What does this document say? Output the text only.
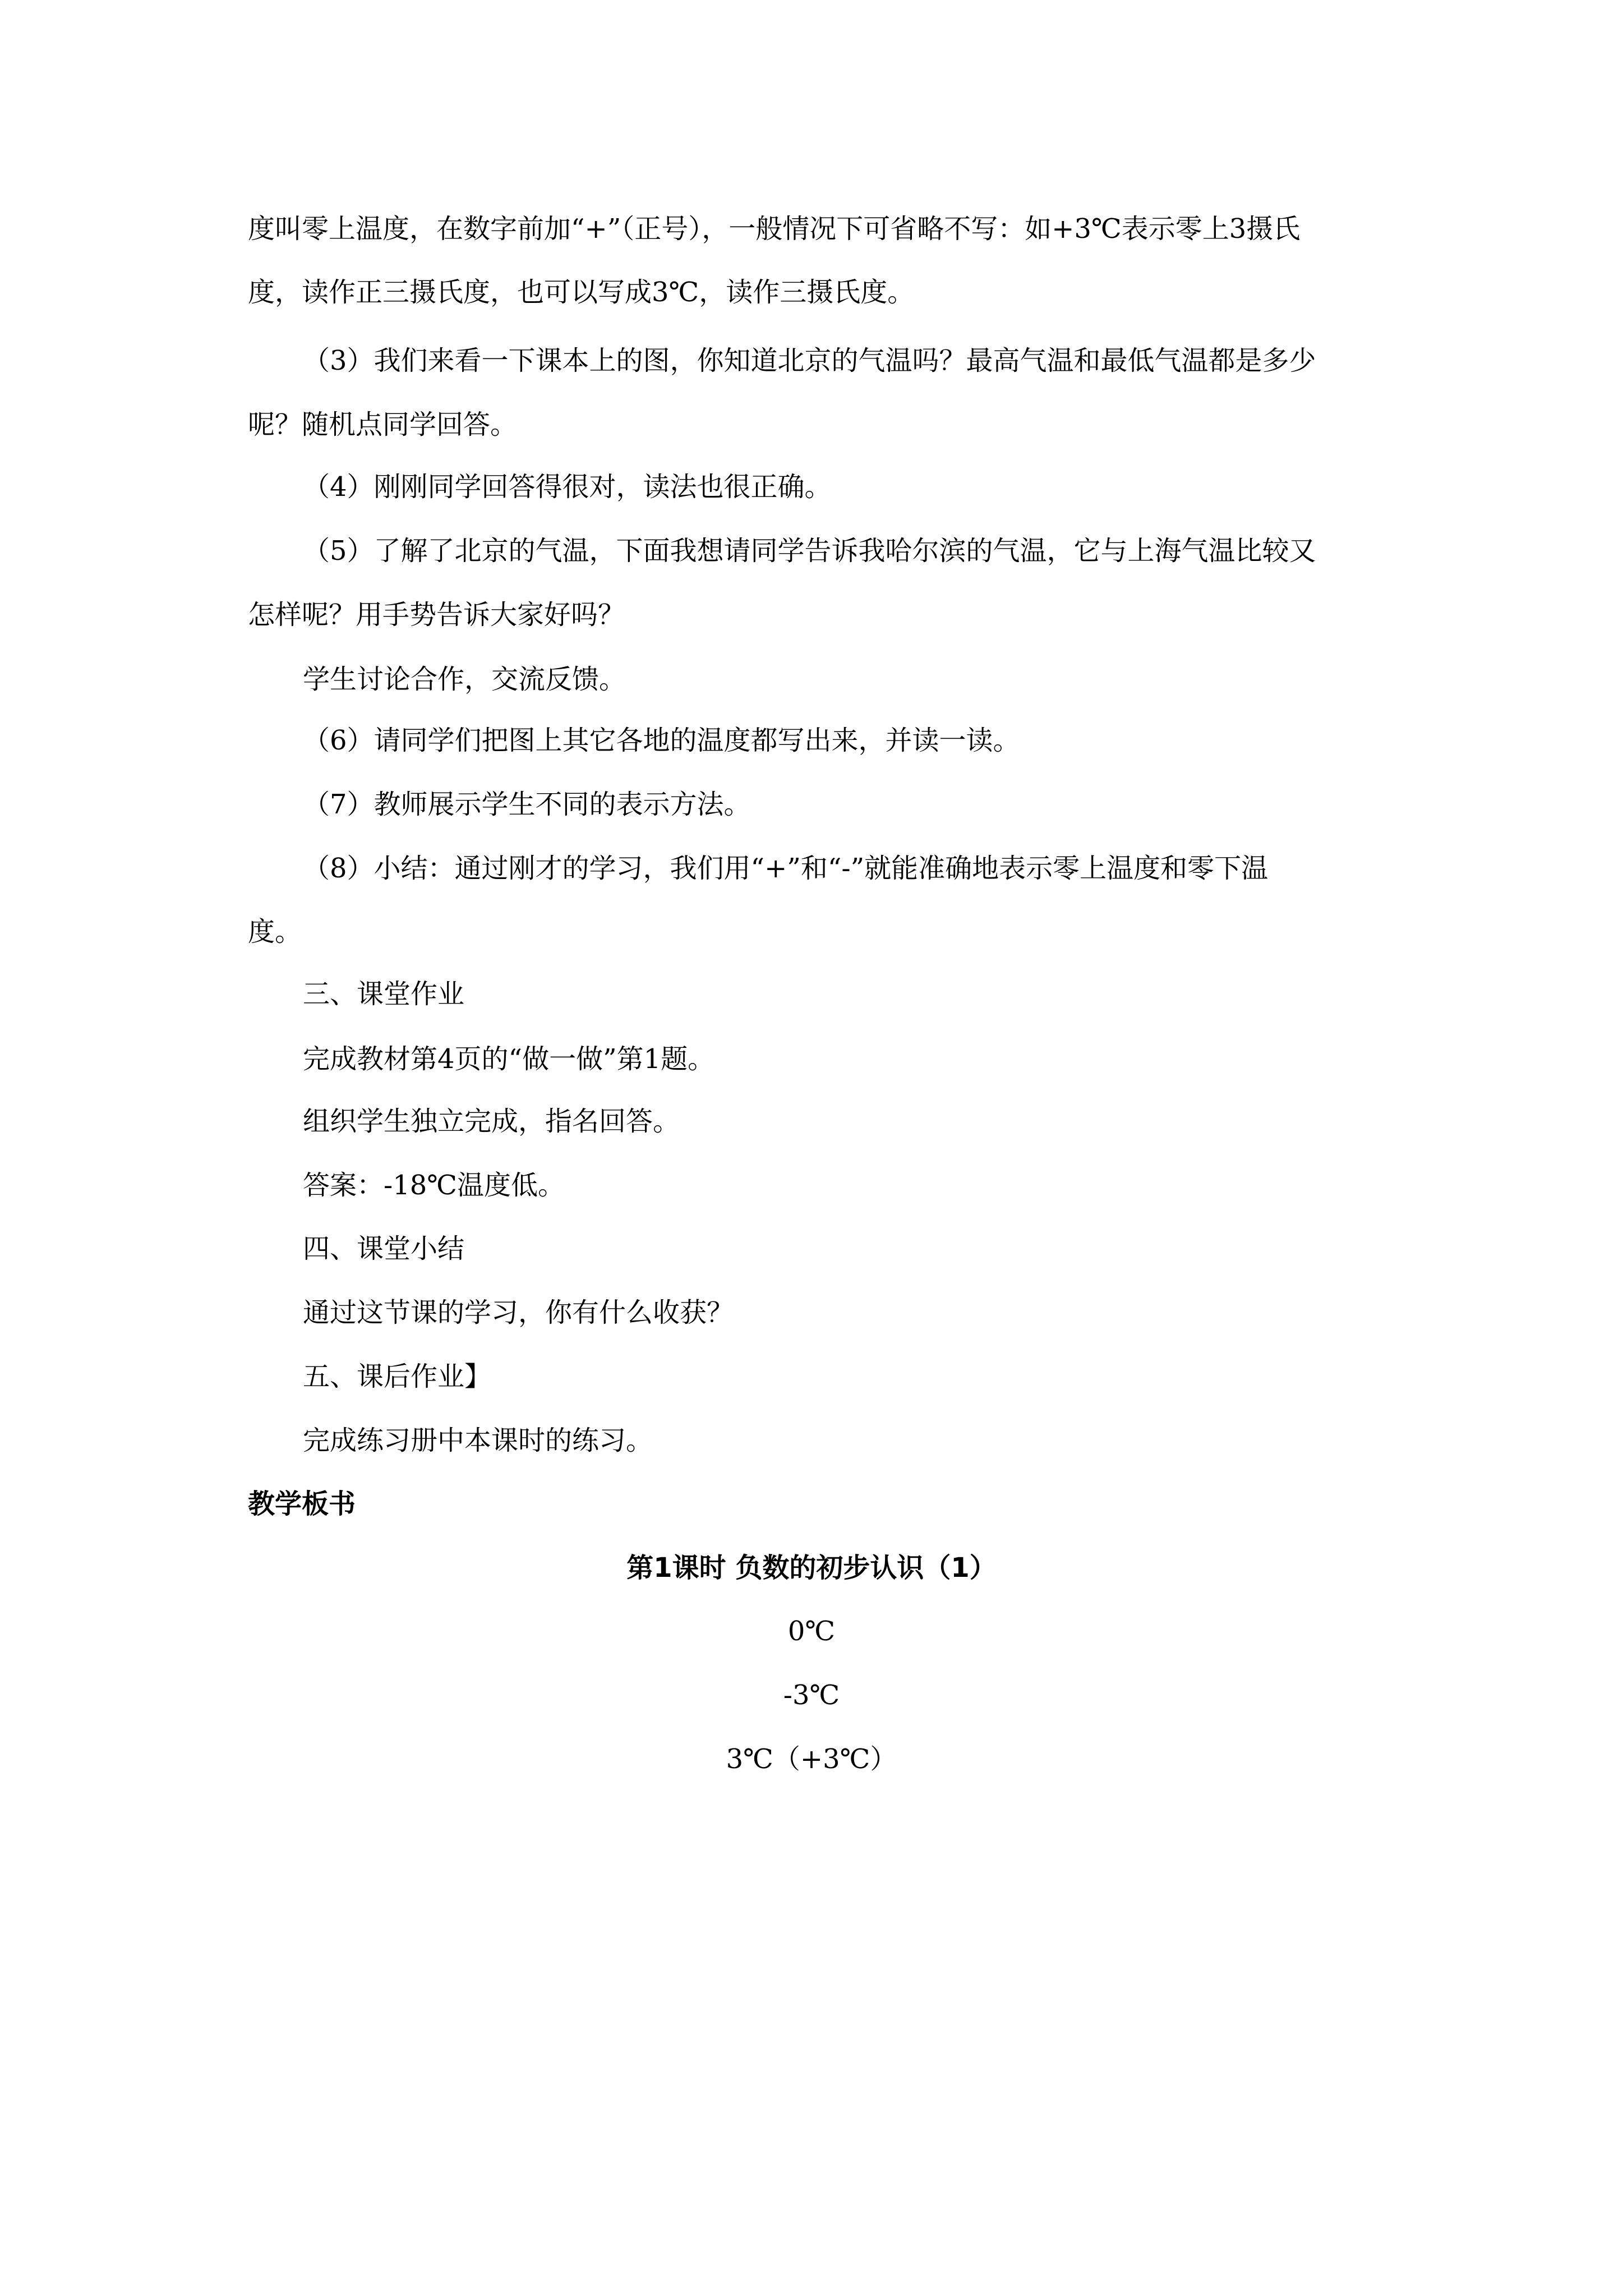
度叫零上温度，在数字前加“+”（正号），一般情况下可省略不写：如+3℃表示零上3摄氏

度，读作正三摄氏度，也可以写成3℃，读作三摄氏度。

（3）我们来看一下课本上的图，你知道北京的气温吗？最高气温和最低气温都是多少

呢？随机点同学回答。

（4）刚刚同学回答得很对，读法也很正确。

（5）了解了北京的气温，下面我想请同学告诉我哈尔滨的气温，它与上海气温比较又

怎样呢？用手势告诉大家好吗？

学生讨论合作，交流反馈。

（6）请同学们把图上其它各地的温度都写出来，并读一读。

（7）教师展示学生不同的表示方法。

（8）小结：通过刚才的学习，我们用“+”和“-”就能准确地表示零上温度和零下温

度。

三、课堂作业

完成教材第4页的“做一做”第1题。

组织学生独立完成，指名回答。

答案：-18℃温度低。

四、课堂小结

通过这节课的学习，你有什么收获？

五、课后作业】

完成练习册中本课时的练习。

教学板书

第1课时 负数的初步认识（1）

0℃

-3℃

3℃（+3℃）
